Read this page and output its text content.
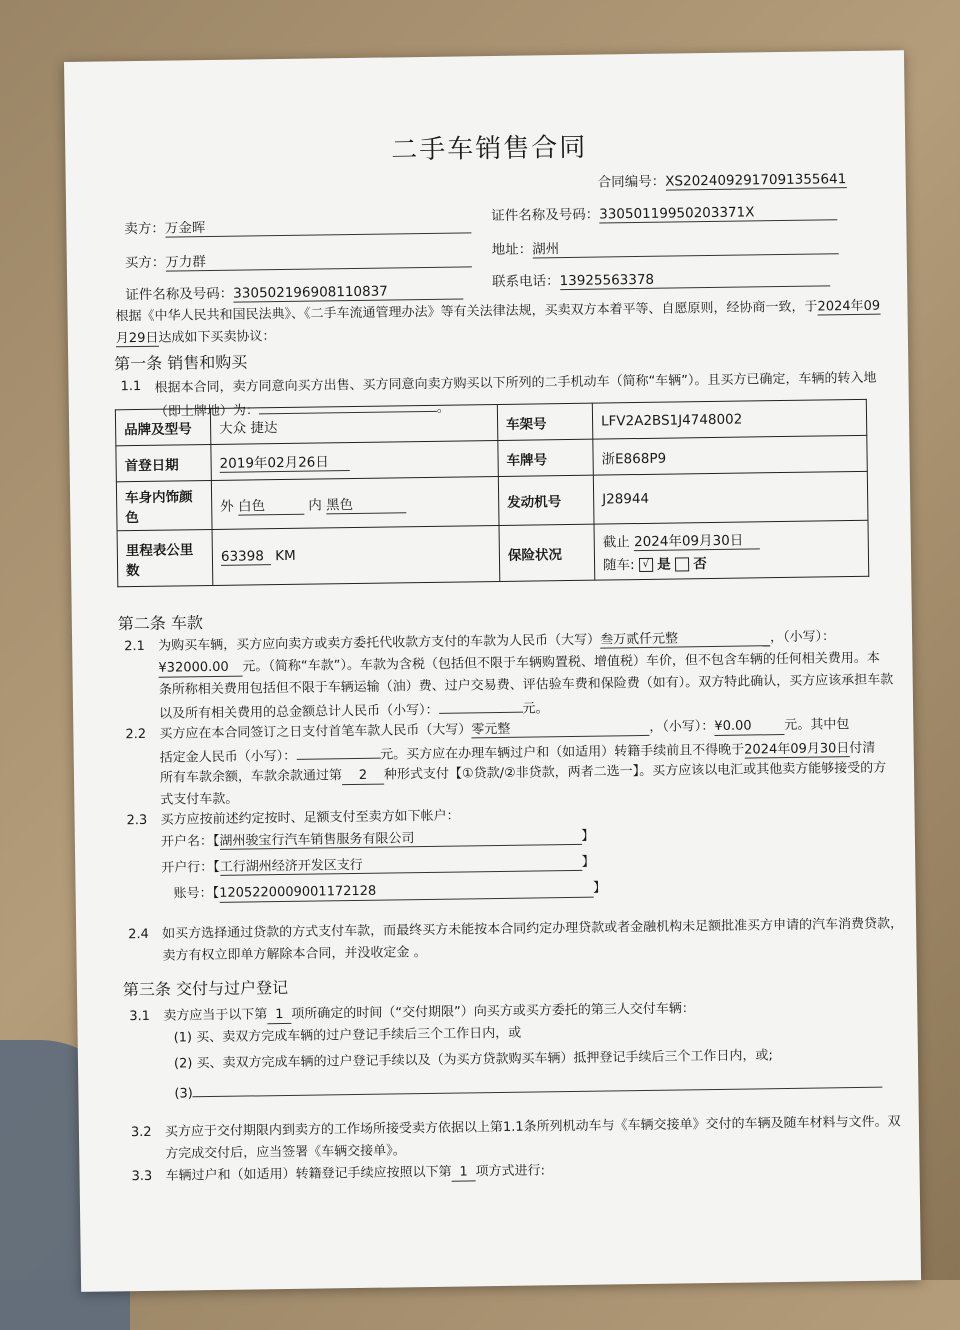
二手车销售合同
合同编号：XS202409291709135564​1
卖方：万金晖
证件名称及号码：33050119950203371X
买方：万力群
地址：湖州
证件名称及号码：330502196908110837
联系电话：13925563378
根据《中华人民共和国民法典》、《二手车流通管理办法》等有关法律法规，买卖双方本着平等、自愿原则，经协商一致，于2024年09
月29日达成如下买卖协议：
第一条 销售和购买
1.1 根据本合同，卖方同意向买方出售、买方同意向卖方购买以下所列的二手机动车（简称“车辆”）。且买方已确定，车辆的转入地
（即上牌地）为：	。
品牌及型号	大众 捷达	车架号	LFV2A2BS1J4748002
首登日期	2019年02月26日	车牌号	浙E868P9
车身内饰颜色	外 白色 内 黑色	发动机号	J28944
里程表公里数	63398 KM	保险状况	截止 2024年09月30日
随车: √ 是 否
第二条 车款
2.1 为购买车辆，买方应向卖方或卖方委托代收款方支付的车款为人民币（大写）叁万贰仟元整	，（小写）：
¥32000.00 元。（简称“车款”）。车款为含税（包括但不限于车辆购置税、增值税）车价，但不包含车辆的任何相关费用。本
条所称相关费用包括但不限于车辆运输（油）费、过户交易费、评估验车费和保险费（如有）。双方特此确认，买方应该承担车款
以及所有相关费用的总金额总计人民币（小写）：	元。
2.2 买方应在本合同签订之日支付首笔车款人民币（大写）零元整	，（小写）：¥0.00	元。其中包
括定金人民币（小写）：	元。买方应在办理车辆过户和（如适用）转籍手续前且不得晚于2024年09月30日付清
所有车款余额，车款余款通过第 2 种形式支付【①贷款/②非贷款，两者二选一】。买方应该以电汇或其他卖方能够接受的方
式支付车款。
2.3 买方应按前述约定按时、足额支付至卖方如下帐户：
开户名：【湖州骏宝行汽车销售服务有限公司	】
开户行：【工行湖州经济开发区支行	】
账号：【1205220009001172128	】
2.4 如买方选择通过贷款的方式支付车款，而最终买方未能按本合同约定办理贷款或者金融机构未足额批准买方申请的汽车消费贷款，
卖方有权立即单方解除本合同，并没收定金 。
第三条 交付与过户登记
3.1 卖方应当于以下第 1 项所确定的时间（“交付期限”）向买方或买方委托的第三人交付车辆：
(1) 买、卖双方完成车辆的过户登记手续后三个工作日内，或
(2) 买、卖双方完成车辆的过户登记手续以及（为买方贷款购买车辆）抵押登记手续后三个工作日内，或;
(3)
3.2 买方应于交付期限内到卖方的工作场所接受卖方依据以上第1.1条所列机动车与《车辆交接单》交付的车辆及随车材料与文件。双
方完成交付后，应当签署《车辆交接单》。
3.3 车辆过户和（如适用）转籍登记手续应按照以下第 1 项方式进行:
